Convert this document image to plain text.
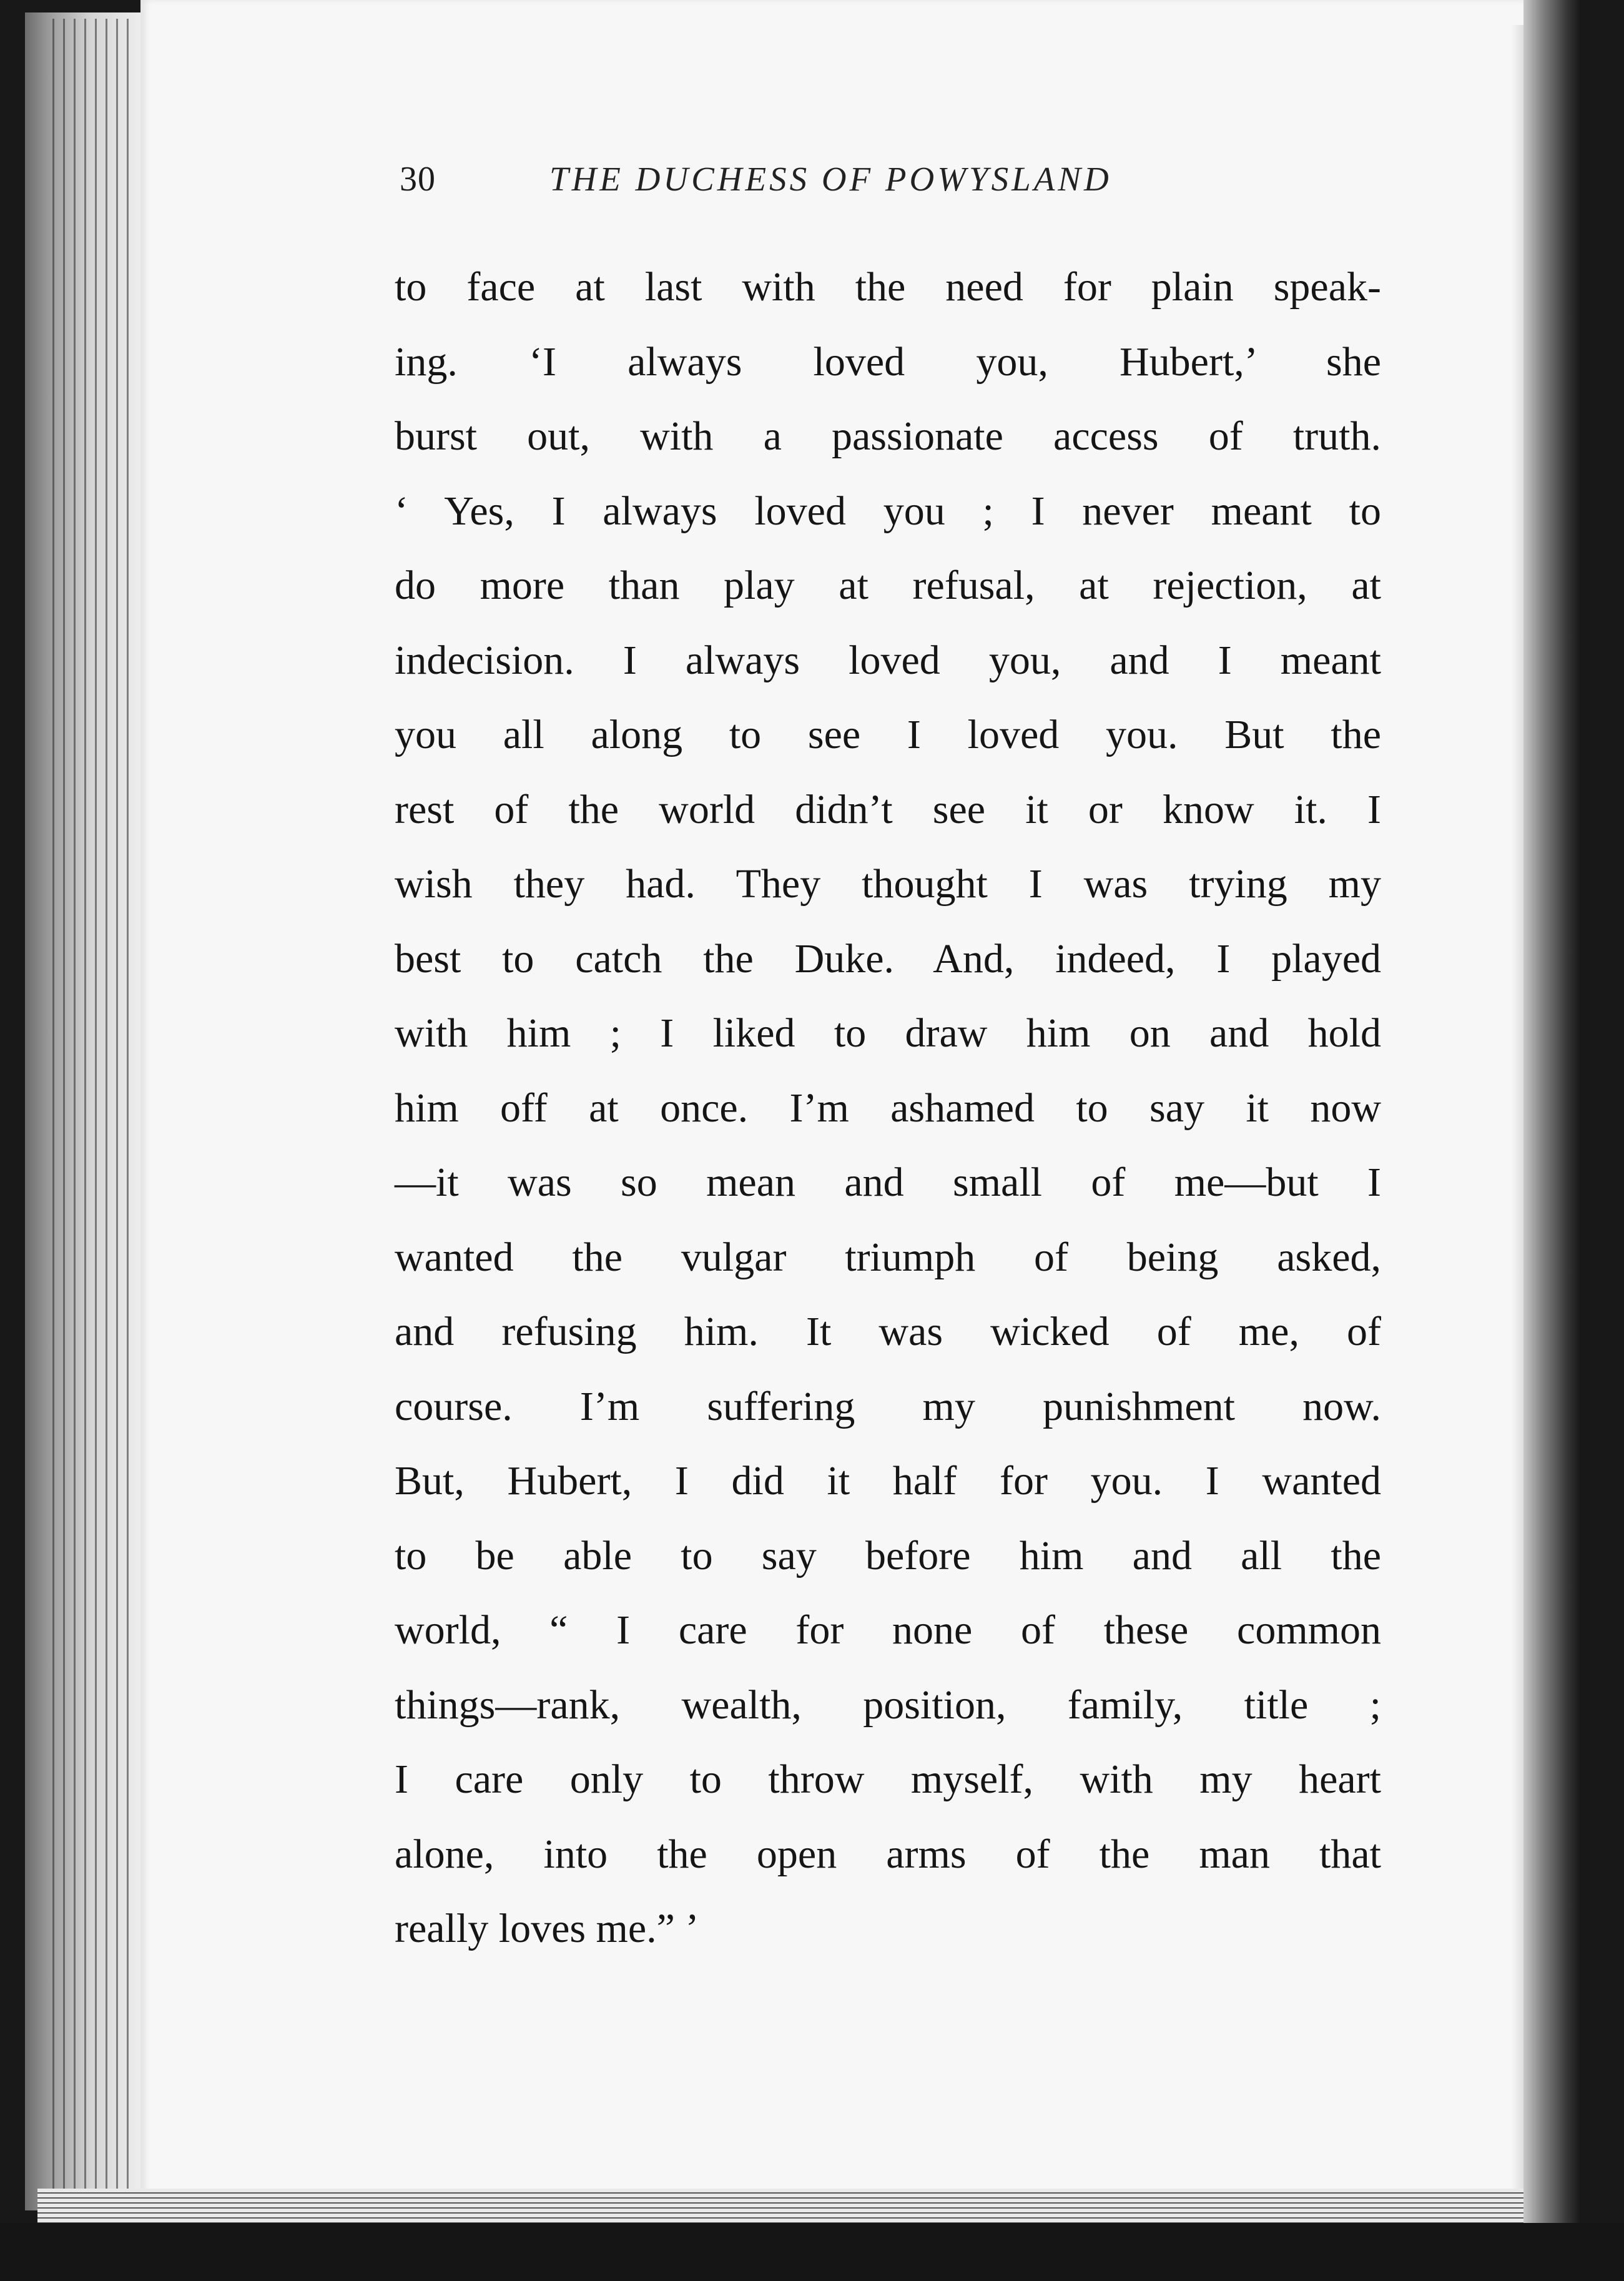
30	THE DUCHESS OF POWYSLAND
to face at last with the need for plain speak-
ing. ‘I always loved you, Hubert,’ she
burst out, with a passionate access of truth.
‘ Yes, I always loved you ; I never meant to
do more than play at refusal, at rejection, at
indecision. I always loved you, and I meant
you all along to see I loved you. But the
rest of the world didn’t see it or know it. I
wish they had. They thought I was trying my
best to catch the Duke. And, indeed, I played
with him ; I liked to draw him on and hold
him off at once. I’m ashamed to say it now
—it was so mean and small of me—but I
wanted the vulgar triumph of being asked,
and refusing him. It was wicked of me, of
course. I’m suffering my punishment now.
But, Hubert, I did it half for you. I wanted
to be able to say before him and all the
world, “ I care for none of these common
things—rank, wealth, position, family, title ;
I care only to throw myself, with my heart
alone, into the open arms of the man that
really loves me.” ’
